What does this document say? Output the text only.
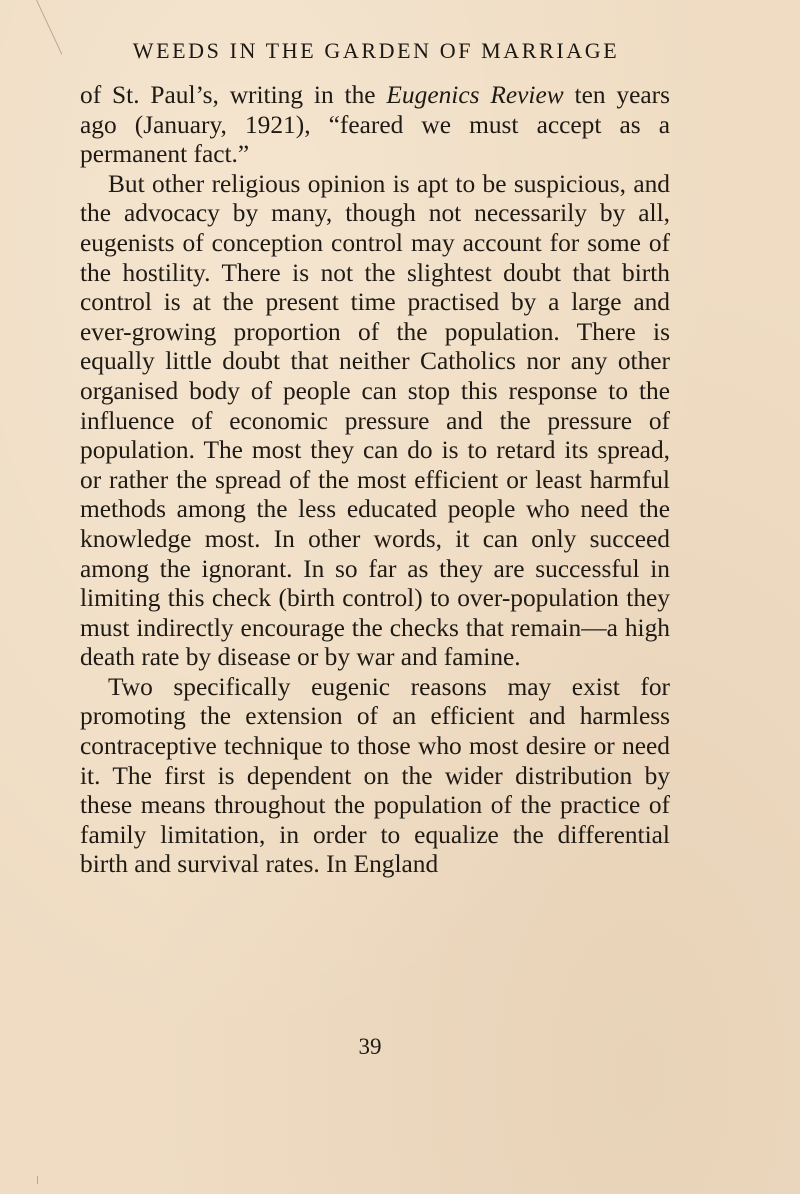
WEEDS IN THE GARDEN OF MARRIAGE

of St. Paul’s, writing in the Eugenics Review ten years ago (January, 1921), “feared we must accept as a permanent fact.”

But other religious opinion is apt to be suspicious, and the advocacy by many, though not necessarily by all, eugenists of conception control may account for some of the hostility. There is not the slightest doubt that birth control is at the present time practised by a large and ever-growing proportion of the population. There is equally little doubt that neither Catholics nor any other organised body of people can stop this response to the influence of economic pressure and the pressure of population. The most they can do is to retard its spread, or rather the spread of the most efficient or least harmful methods among the less educated people who need the knowledge most. In other words, it can only succeed among the ignorant. In so far as they are successful in limiting this check (birth control) to over-population they must indirectly encourage the checks that remain—a high death rate by disease or by war and famine.

Two specifically eugenic reasons may exist for promoting the extension of an efficient and harmless contraceptive technique to those who most desire or need it. The first is dependent on the wider distribution by these means throughout the population of the practice of family limitation, in order to equalize the differential birth and survival rates. In England

39
